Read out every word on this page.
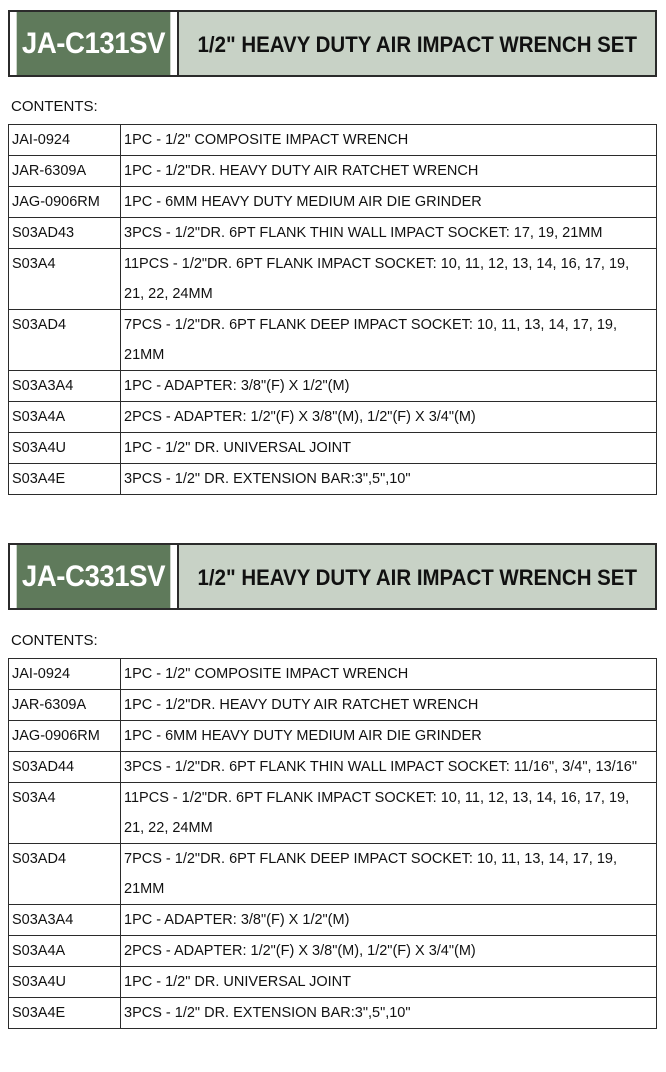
JA-C131SV 1/2" HEAVY DUTY AIR IMPACT WRENCH SET
CONTENTS:
JAI-0924	1PC - 1/2" COMPOSITE IMPACT WRENCH
JAR-6309A	1PC - 1/2"DR. HEAVY DUTY AIR RATCHET WRENCH
JAG-0906RM	1PC - 6MM HEAVY DUTY MEDIUM AIR DIE GRINDER
S03AD43	3PCS - 1/2"DR. 6PT FLANK THIN WALL IMPACT SOCKET: 17, 19, 21MM
S03A4	11PCS - 1/2"DR. 6PT FLANK IMPACT SOCKET: 10, 11, 12, 13, 14, 16, 17, 19, 21, 22, 24MM
S03AD4	7PCS - 1/2"DR. 6PT FLANK DEEP IMPACT SOCKET: 10, 11, 13, 14, 17, 19, 21MM
S03A3A4	1PC - ADAPTER: 3/8"(F) X 1/2"(M)
S03A4A	2PCS - ADAPTER: 1/2"(F) X 3/8"(M), 1/2"(F) X 3/4"(M)
S03A4U	1PC - 1/2" DR. UNIVERSAL JOINT
S03A4E	3PCS - 1/2" DR. EXTENSION BAR:3",5",10"
JA-C331SV 1/2" HEAVY DUTY AIR IMPACT WRENCH SET
CONTENTS:
JAI-0924	1PC - 1/2" COMPOSITE IMPACT WRENCH
JAR-6309A	1PC - 1/2"DR. HEAVY DUTY AIR RATCHET WRENCH
JAG-0906RM	1PC - 6MM HEAVY DUTY MEDIUM AIR DIE GRINDER
S03AD44	3PCS - 1/2"DR. 6PT FLANK THIN WALL IMPACT SOCKET: 11/16", 3/4", 13/16"
S03A4	11PCS - 1/2"DR. 6PT FLANK IMPACT SOCKET: 10, 11, 12, 13, 14, 16, 17, 19, 21, 22, 24MM
S03AD4	7PCS - 1/2"DR. 6PT FLANK DEEP IMPACT SOCKET: 10, 11, 13, 14, 17, 19, 21MM
S03A3A4	1PC - ADAPTER: 3/8"(F) X 1/2"(M)
S03A4A	2PCS - ADAPTER: 1/2"(F) X 3/8"(M), 1/2"(F) X 3/4"(M)
S03A4U	1PC - 1/2" DR. UNIVERSAL JOINT
S03A4E	3PCS - 1/2" DR. EXTENSION BAR:3",5",10"
